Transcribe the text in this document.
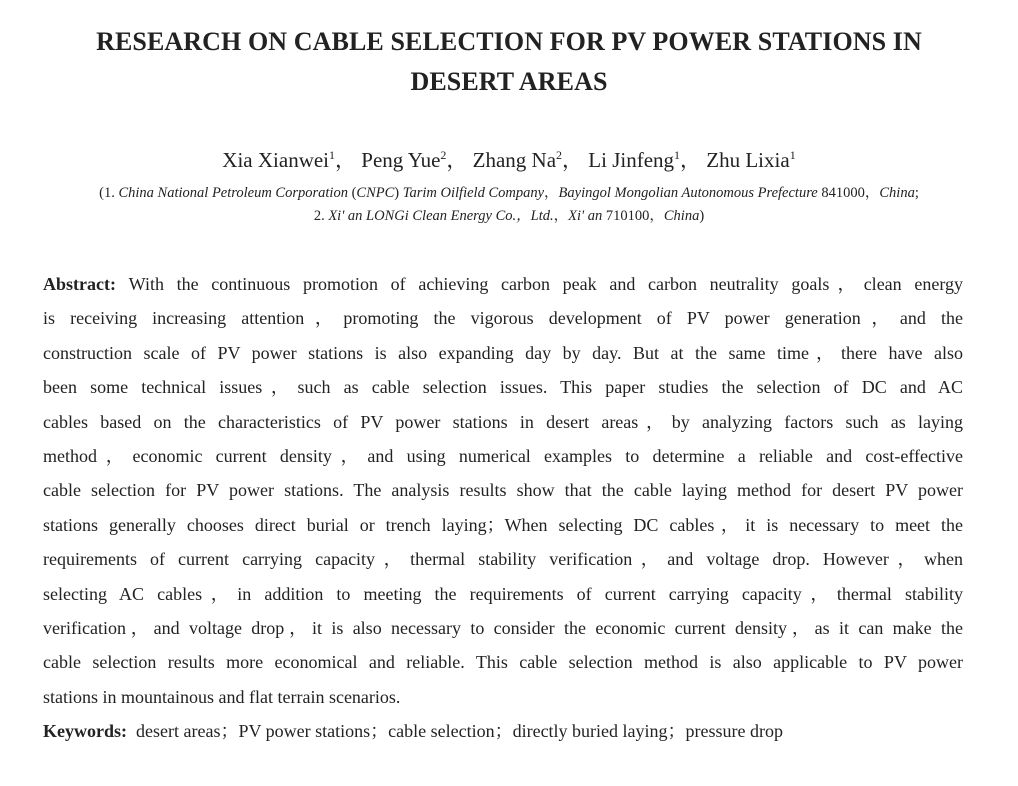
RESEARCH ON CABLE SELECTION FOR PV POWER STATIONS IN
DESERT AREAS
Xia Xianwei$^1$， Peng Yue$^2$， Zhang Na$^2$， Li Jinfeng$^1$， Zhu Lixia$^1$
(1. China National Petroleum Corporation (CNPC) Tarim Oilfield Company，Bayingol Mongolian Autonomous Prefecture 841000，China;
2. Xi' an LONGi Clean Energy Co.，Ltd.，Xi' an 710100，China)
Abstract: With the continuous promotion of achieving carbon peak and carbon neutrality goals，clean energy
is receiving increasing attention，promoting the vigorous development of PV power generation，and the
construction scale of PV power stations is also expanding day by day. But at the same time，there have also
been some technical issues，such as cable selection issues. This paper studies the selection of DC and AC
cables based on the characteristics of PV power stations in desert areas，by analyzing factors such as laying
method，economic current density，and using numerical examples to determine a reliable and cost-effective
cable selection for PV power stations. The analysis results show that the cable laying method for desert PV power
stations generally chooses direct burial or trench laying；When selecting DC cables，it is necessary to meet the
requirements of current carrying capacity，thermal stability verification，and voltage drop. However，when
selecting AC cables，in addition to meeting the requirements of current carrying capacity，thermal stability
verification，and voltage drop，it is also necessary to consider the economic current density，as it can make the
cable selection results more economical and reliable. This cable selection method is also applicable to PV power
stations in mountainous and flat terrain scenarios.
Keywords: desert areas；PV power stations；cable selection；directly buried laying；pressure drop
